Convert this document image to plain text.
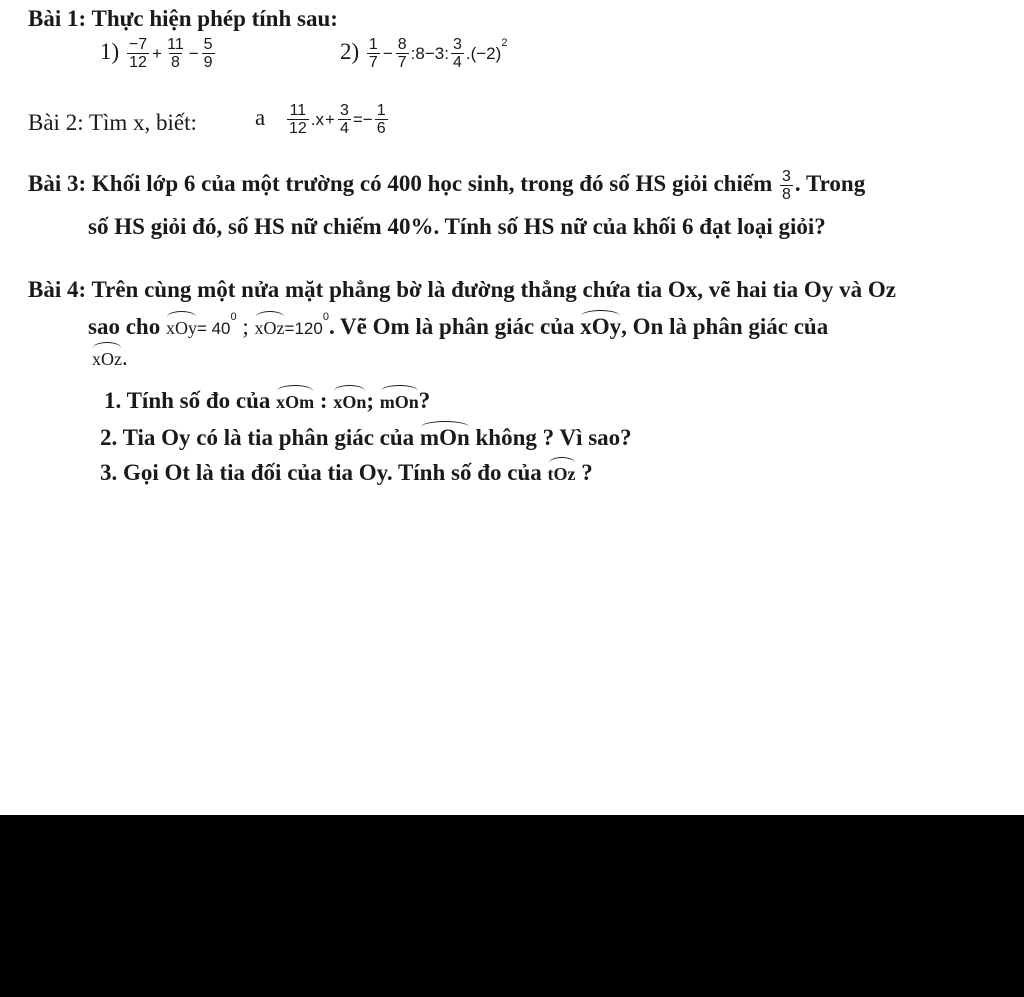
Bài 1: Thực hiện phép tính sau:
$1) \frac{-7}{12} + \frac{11}{8} - \frac{5}{9}$	$2) \frac{1}{7} - \frac{8}{7}$ :8−3: $\frac{3}{4} .(-2)2$
Bài 2: Tìm x, biết:	a $\frac{11}{12} .x+ \frac{3}{4} =- \frac{1}{6}$
Bài 3: Khối lớp 6 của một trường có 400 học sinh, trong đó số HS giỏi chiếm $\frac{3}{8}$ . Trong
số HS giỏi đó, số HS nữ chiếm 40%. Tính số HS nữ của khối 6 đạt loại giỏi?
Bài 4: Trên cùng một nửa mặt phẳng bờ là đường thẳng chứa tia Ox, vẽ hai tia Oy và Oz
sao cho xOy= 400 ; xOz=1200. Vẽ Om là phân giác của xOy, On là phân giác của
xOz.
1. Tính số đo của xOm : xOn; mOn?
2. Tia Oy có là tia phân giác của mOn không ? Vì sao?
3. Gọi Ot là tia đối của tia Oy. Tính số đo của tOz ?
